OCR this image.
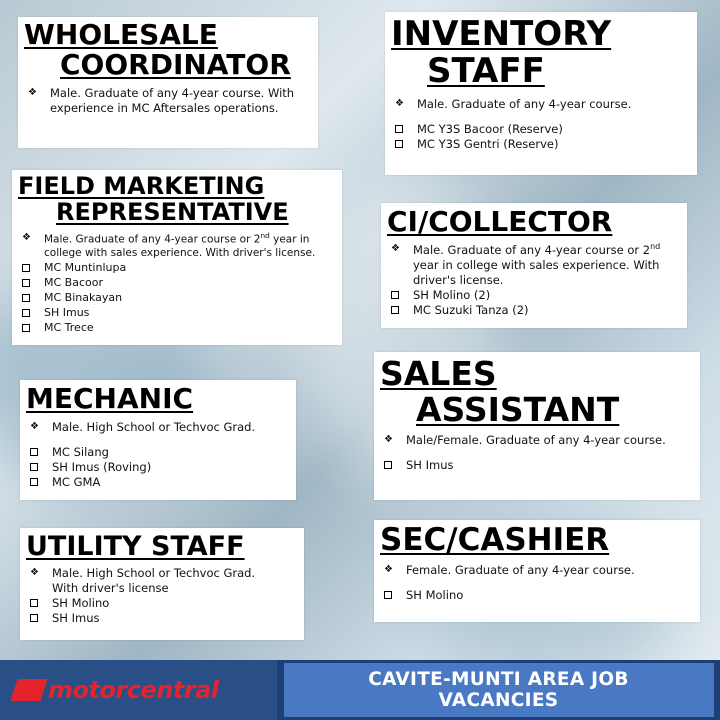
WHOLESALE
COORDINATOR
❖	Male. Graduate of any 4-year course. With experience in MC Aftersales operations.
FIELD MARKETING
REPRESENTATIVE
❖	Male. Graduate of any 4-year course or 2nd year in college with sales experience. With driver's license.
MC Muntinlupa
MC Bacoor
MC Binakayan
SH Imus
MC Trece
MECHANIC
❖	Male. High School or Techvoc Grad.
MC Silang
SH Imus (Roving)
MC GMA
UTILITY STAFF
❖	Male. High School or Techvoc Grad. With driver's license
SH Molino
SH Imus
INVENTORY
STAFF
❖	Male. Graduate of any 4-year course.
MC Y3S Bacoor (Reserve)
MC Y3S Gentri (Reserve)
CI/COLLECTOR
❖	Male. Graduate of any 4-year course or 2nd year in college with sales experience. With driver's license.
SH Molino (2)
MC Suzuki Tanza (2)
SALES
ASSISTANT
❖	Male/Female. Graduate of any 4-year course.
SH Imus
SEC/CASHIER
❖	Female. Graduate of any 4-year course.
SH Molino
motorcentral	CAVITE-MUNTI AREA JOB VACANCIES
